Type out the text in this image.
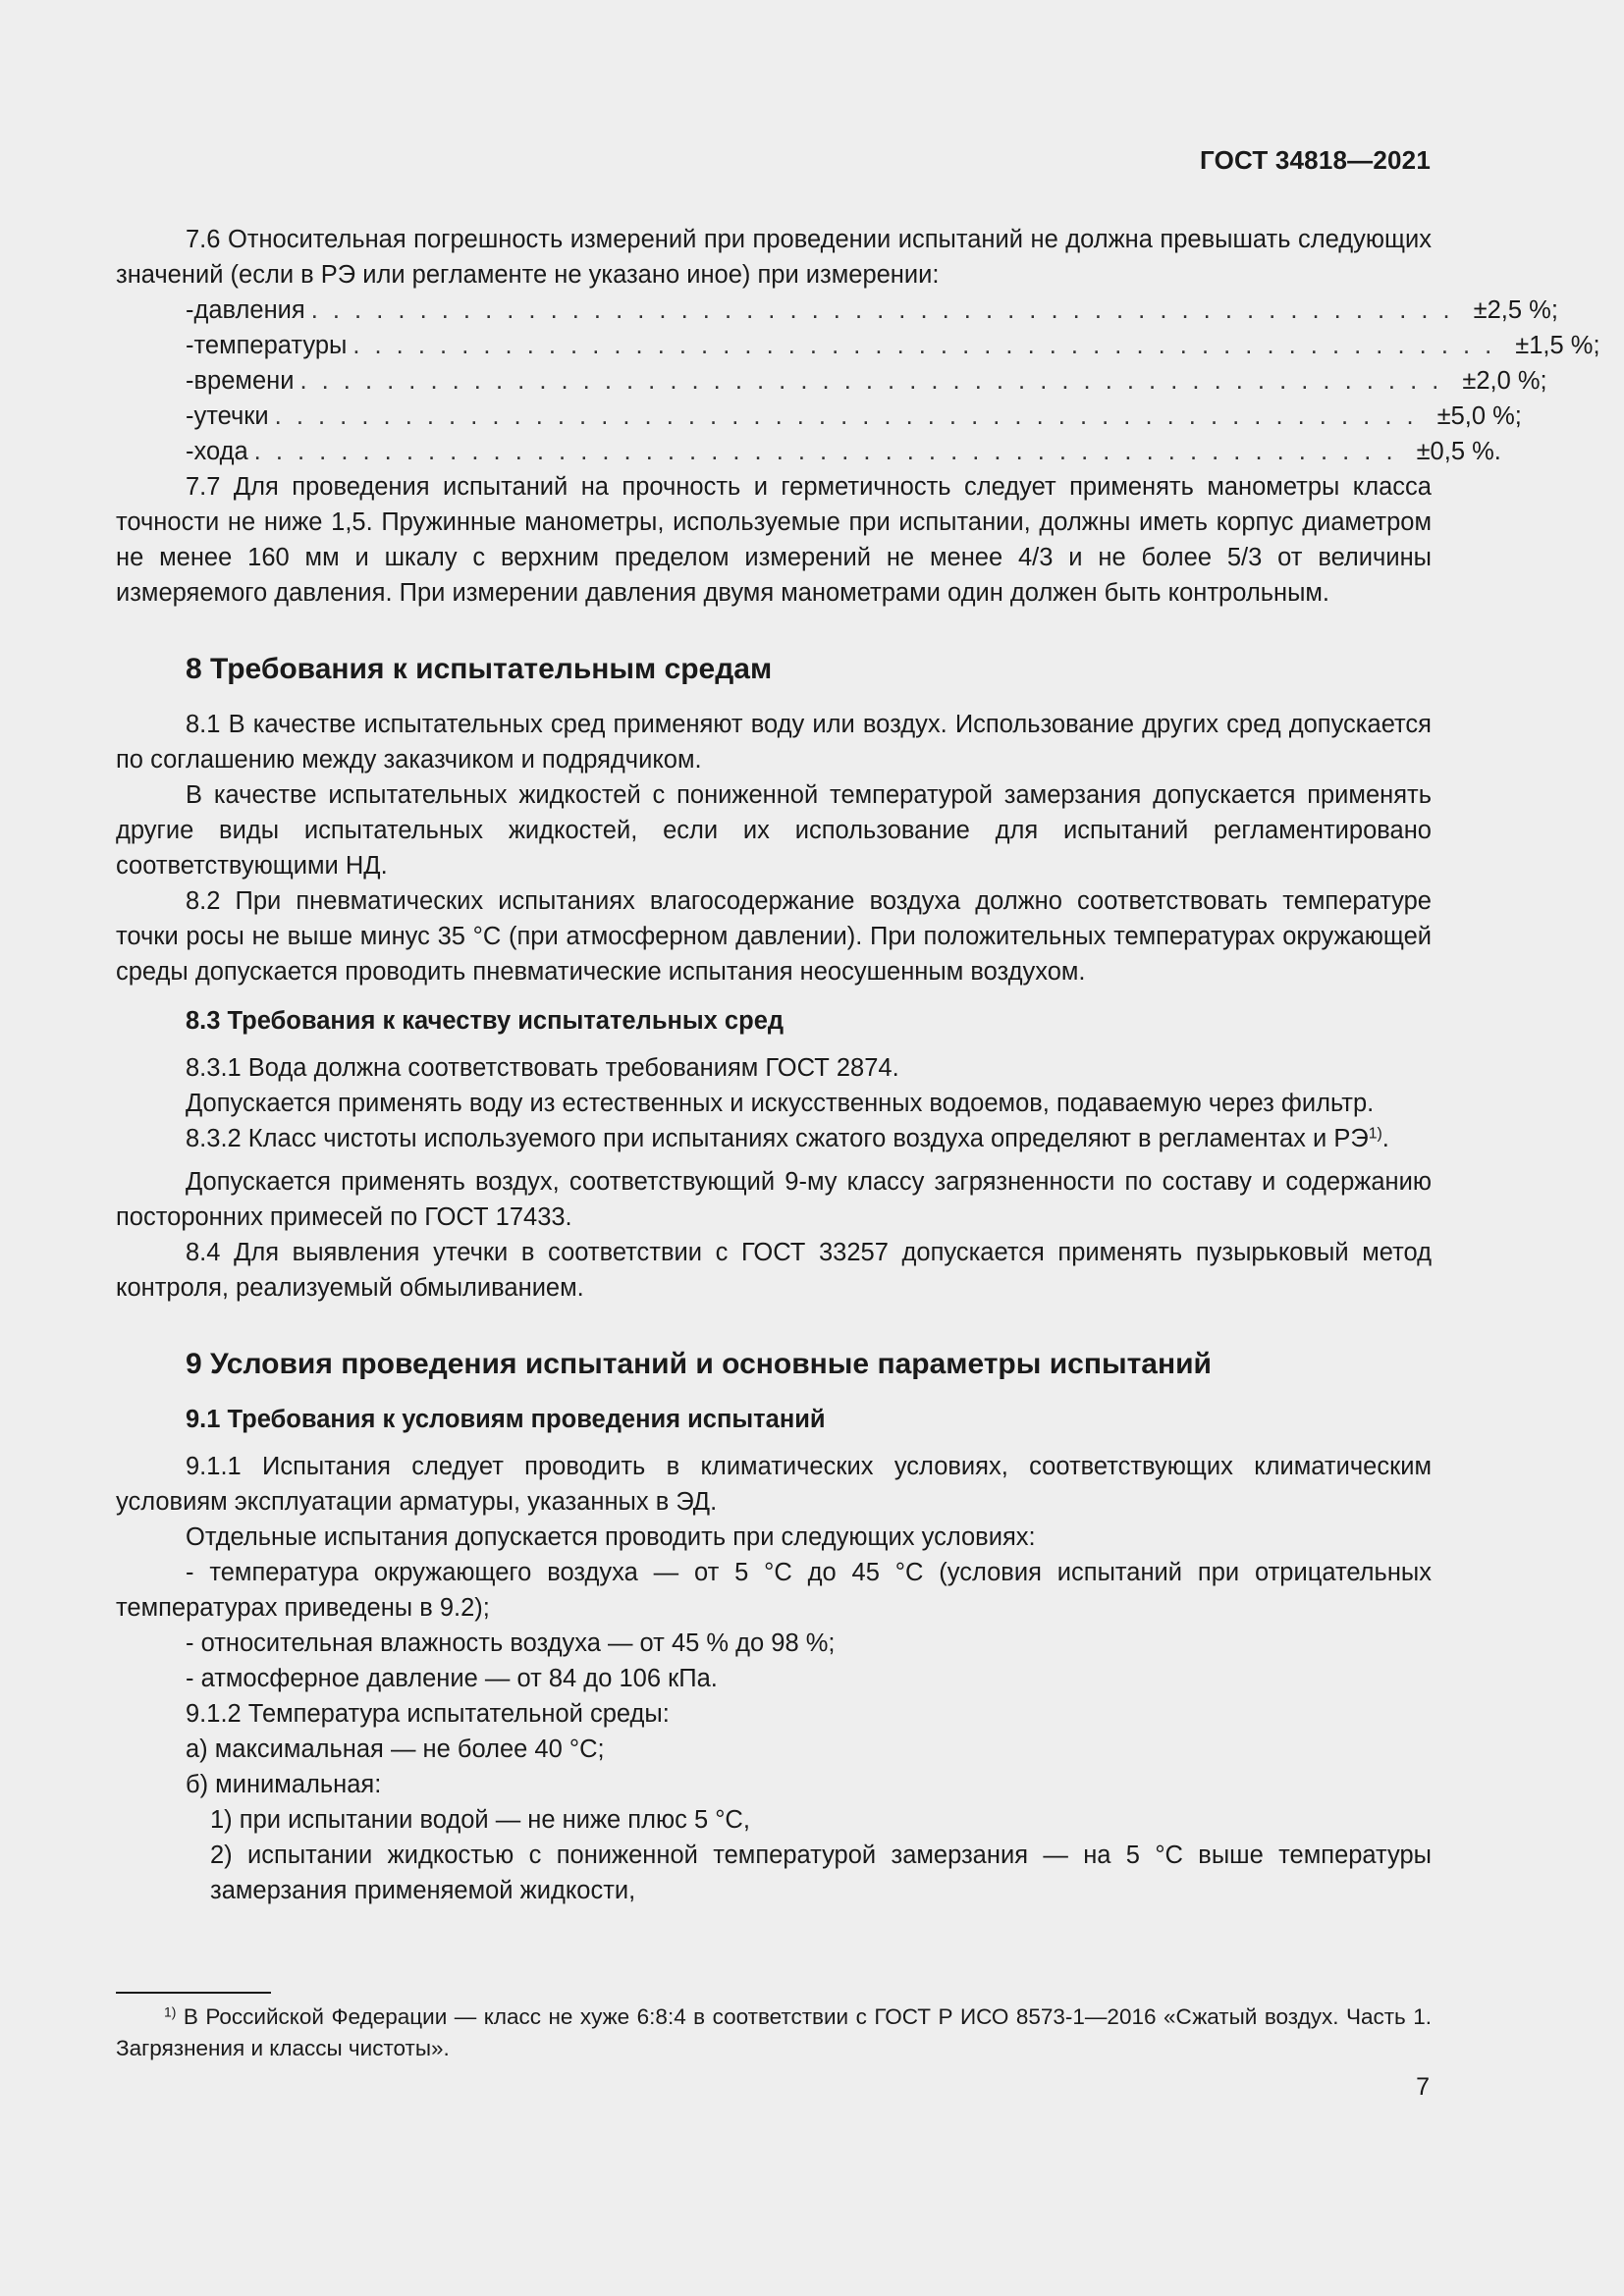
ГОСТ 34818—2021

7.6 Относительная погрешность измерений при проведении испытаний не должна превышать следующих значений (если в РЭ или регламенте не указано иное) при измерении:

- давления . . . . . . . . . . . . . . . . . . . . . . . . . . . . . . . . . . . . . . . . . . . . . . . . . . . . . ±2,5 %;
- температуры . . . . . . . . . . . . . . . . . . . . . . . . . . . . . . . . . . . . . . . . . . . . . . . . . . . . . ±1,5 %;
- времени . . . . . . . . . . . . . . . . . . . . . . . . . . . . . . . . . . . . . . . . . . . . . . . . . . . . . ±2,0 %;
- утечки . . . . . . . . . . . . . . . . . . . . . . . . . . . . . . . . . . . . . . . . . . . . . . . . . . . . . ±5,0 %;
- хода . . . . . . . . . . . . . . . . . . . . . . . . . . . . . . . . . . . . . . . . . . . . . . . . . . . . . ±0,5 %.

7.7 Для проведения испытаний на прочность и герметичность следует применять манометры класса точности не ниже 1,5. Пружинные манометры, используемые при испытании, должны иметь корпус диаметром не менее 160 мм и шкалу с верхним пределом измерений не менее 4/3 и не более 5/3 от величины измеряемого давления. При измерении давления двумя манометрами один должен быть контрольным.

8 Требования к испытательным средам

8.1 В качестве испытательных сред применяют воду или воздух. Использование других сред допускается по соглашению между заказчиком и подрядчиком.

В качестве испытательных жидкостей с пониженной температурой замерзания допускается применять другие виды испытательных жидкостей, если их использование для испытаний регламентировано соответствующими НД.

8.2 При пневматических испытаниях влагосодержание воздуха должно соответствовать температуре точки росы не выше минус 35 °С (при атмосферном давлении). При положительных температурах окружающей среды допускается проводить пневматические испытания неосушенным воздухом.

8.3 Требования к качеству испытательных сред

8.3.1 Вода должна соответствовать требованиям ГОСТ 2874.

Допускается применять воду из естественных и искусственных водоемов, подаваемую через фильтр.

8.3.2 Класс чистоты используемого при испытаниях сжатого воздуха определяют в регламентах и РЭ$^{1)}$.

Допускается применять воздух, соответствующий 9-му классу загрязненности по составу и содержанию посторонних примесей по ГОСТ 17433.

8.4 Для выявления утечки в соответствии с ГОСТ 33257 допускается применять пузырьковый метод контроля, реализуемый обмыливанием.

9 Условия проведения испытаний и основные параметры испытаний
9.1 Требования к условиям проведения испытаний

9.1.1 Испытания следует проводить в климатических условиях, соответствующих климатическим условиям эксплуатации арматуры, указанных в ЭД.

Отдельные испытания допускается проводить при следующих условиях:

- температура окружающего воздуха — от 5 °С до 45 °С (условия испытаний при отрицательных температурах приведены в 9.2);

- относительная влажность воздуха — от 45 % до 98 %;

- атмосферное давление — от 84 до 106 кПа.

9.1.2 Температура испытательной среды:

а) максимальная — не более 40 °С;

б) минимальная:

1) при испытании водой — не ниже плюс 5 °С,

2) испытании жидкостью с пониженной температурой замерзания — на 5 °С выше температуры замерзания применяемой жидкости,

$^{1)}$ В Российской Федерации — класс не хуже 6:8:4 в соответствии с ГОСТ Р ИСО 8573-1—2016 «Сжатый воздух. Часть 1. Загрязнения и классы чистоты».

7
